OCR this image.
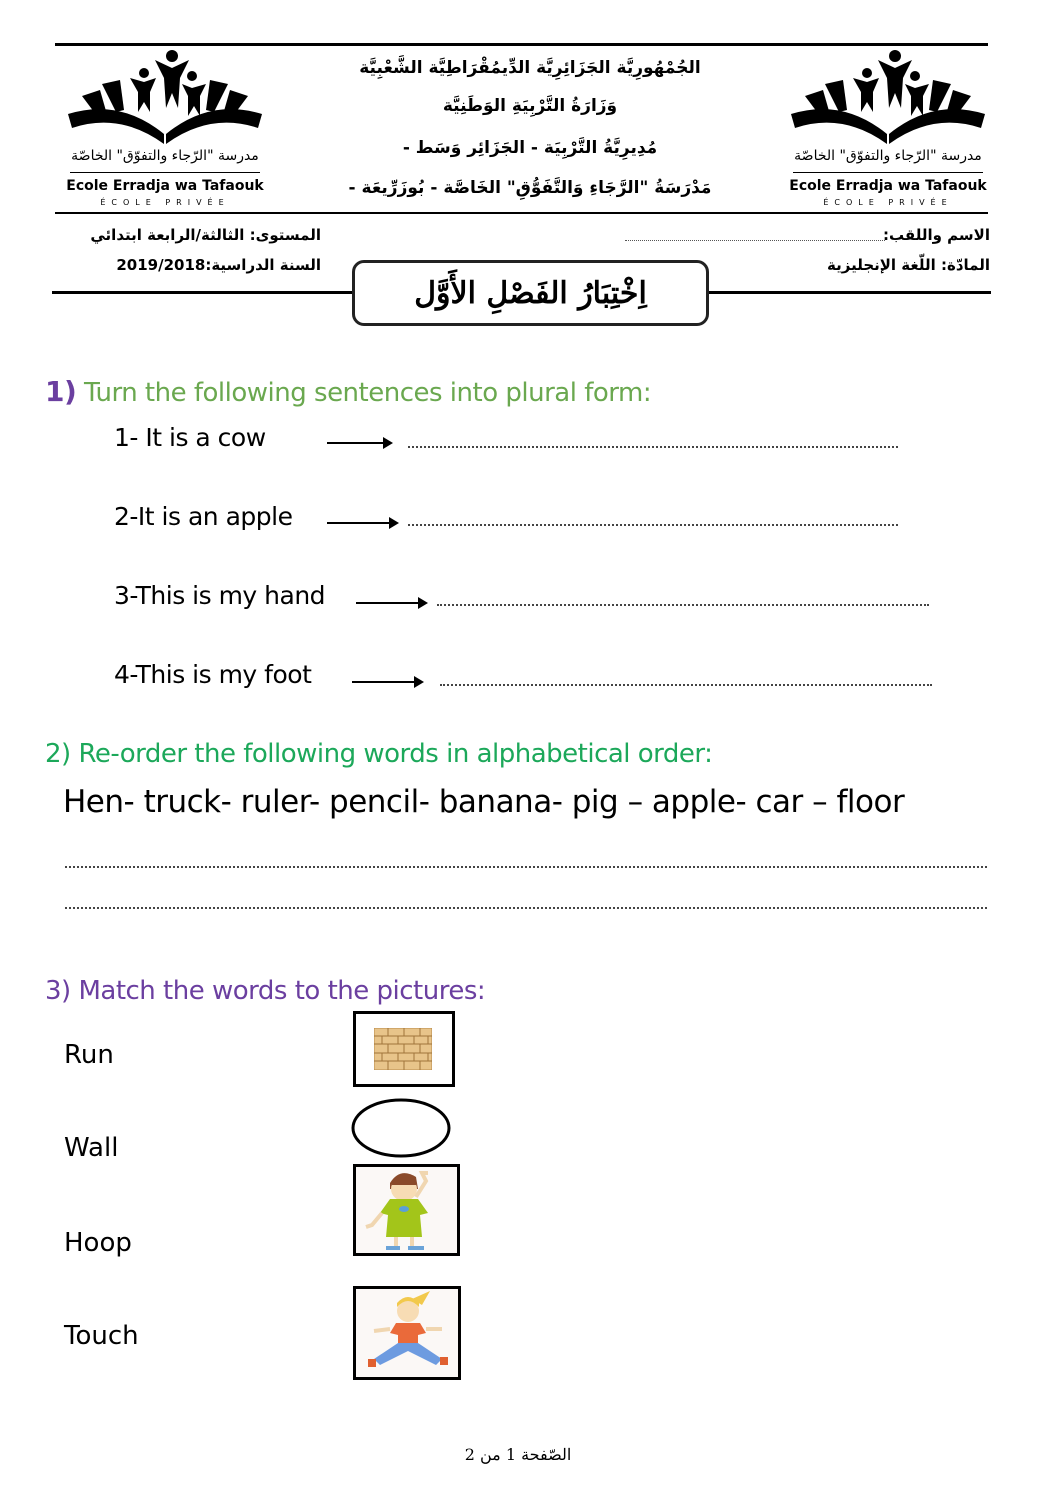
مدرسة "الرّجاء والتفوّق" الخاصّة
Ecole Erradja wa Tafaouk
ÉCOLE PRIVÉE
مدرسة "الرّجاء والتفوّق" الخاصّة
Ecole Erradja wa Tafaouk
ÉCOLE PRIVÉE
الجُمْهُورِيَّة الجَزَائِرِيَّة الدِّيمُقْرَاطِيَّة الشَّعْبِيَّة
وَزَارَةُ التَّرْبِيَةِ الوَطَنِيَّة
مُدِيرِيَّةُ التَّرْبِيَة - الجَزَائِر وَسَط -
مَدْرَسَةُ "الرَّجَاءِ وَالتَّفَوُّقِ" الخَاصَّة - بُوزَرِّيعَة -
الاسم واللقب:
المادّة: اللّغة الإنجليزية
المستوى: الثالثة/الرابعة ابتدائي
السنة الدراسية:2019/2018
اِخْتِبَارُ الفَصْلِ الأَوَّل
1) Turn the following sentences into plural form:
1- It is a cow
2-It is an apple
3-This is my hand
4-This is my foot
2) Re-order the following words in alphabetical order:
Hen- truck- ruler- pencil- banana- pig – apple- car – floor
3) Match the words to the pictures:
Run
Wall
Hoop
Touch
الصّفحة 1 من 2
